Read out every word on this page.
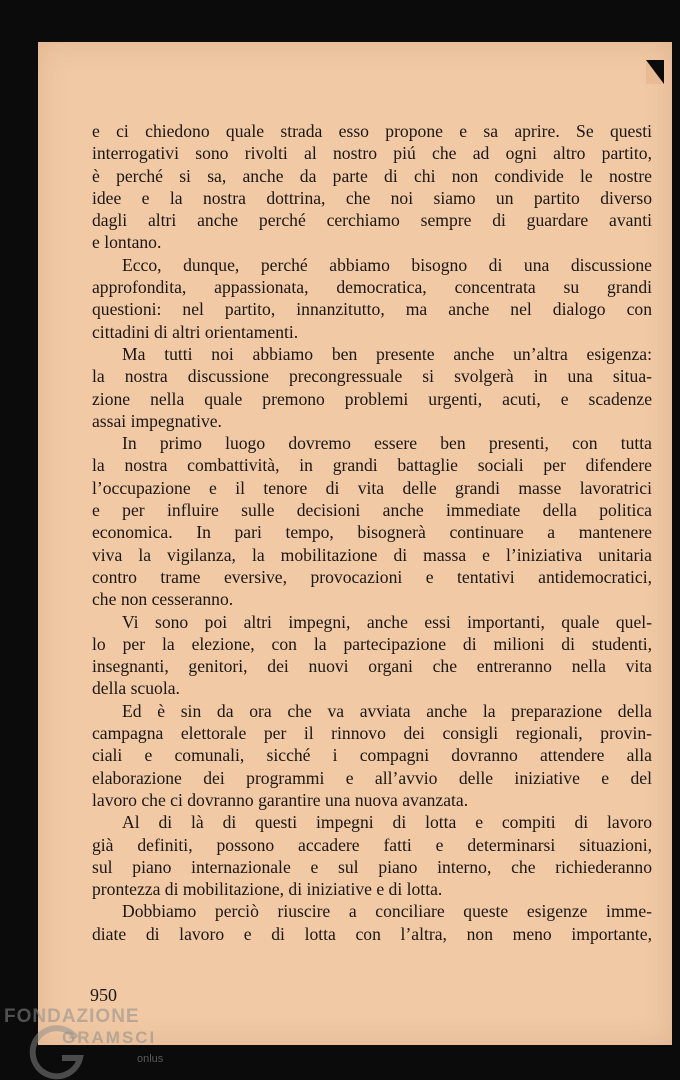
e ci chiedono quale strada esso propone e sa aprire. Se questi
interrogativi sono rivolti al nostro piú che ad ogni altro partito,
è perché si sa, anche da parte di chi non condivide le nostre
idee e la nostra dottrina, che noi siamo un partito diverso
dagli altri anche perché cerchiamo sempre di guardare avanti
e lontano.
Ecco, dunque, perché abbiamo bisogno di una discussione
approfondita, appassionata, democratica, concentrata su grandi
questioni: nel partito, innanzitutto, ma anche nel dialogo con
cittadini di altri orientamenti.
Ma tutti noi abbiamo ben presente anche un’altra esigenza:
la nostra discussione precongressuale si svolgerà in una situa-
zione nella quale premono problemi urgenti, acuti, e scadenze
assai impegnative.
In primo luogo dovremo essere ben presenti, con tutta
la nostra combattività, in grandi battaglie sociali per difendere
l’occupazione e il tenore di vita delle grandi masse lavoratrici
e per influire sulle decisioni anche immediate della politica
economica. In pari tempo, bisognerà continuare a mantenere
viva la vigilanza, la mobilitazione di massa e l’iniziativa unitaria
contro trame eversive, provocazioni e tentativi antidemocratici,
che non cesseranno.
Vi sono poi altri impegni, anche essi importanti, quale quel-
lo per la elezione, con la partecipazione di milioni di studenti,
insegnanti, genitori, dei nuovi organi che entreranno nella vita
della scuola.
Ed è sin da ora che va avviata anche la preparazione della
campagna elettorale per il rinnovo dei consigli regionali, provin-
ciali e comunali, sicché i compagni dovranno attendere alla
elaborazione dei programmi e all’avvio delle iniziative e del
lavoro che ci dovranno garantire una nuova avanzata.
Al di là di questi impegni di lotta e compiti di lavoro
già definiti, possono accadere fatti e determinarsi situazioni,
sul piano internazionale e sul piano interno, che richiederanno
prontezza di mobilitazione, di iniziative e di lotta.
Dobbiamo perciò riuscire a conciliare queste esigenze imme-
diate di lavoro e di lotta con l’altra, non meno importante,
950
FONDAZIONE
GRAMSCI
onlus
